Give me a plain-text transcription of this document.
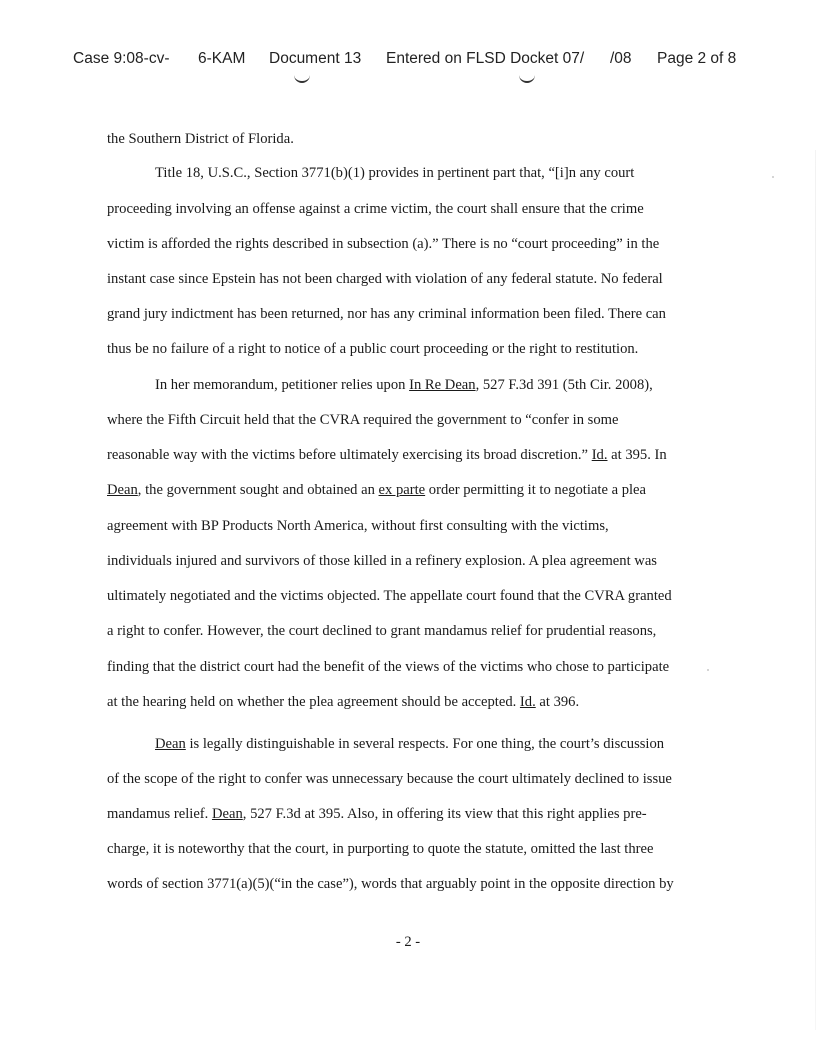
Case 9:08-cv- 6-KAM Document 13 Entered on FLSD Docket 07/ /08 Page 2 of 8
the Southern District of Florida.
Title 18, U.S.C., Section 3771(b)(1) provides in pertinent part that, “[i]n any court
proceeding involving an offense against a crime victim, the court shall ensure that the crime
victim is afforded the rights described in subsection (a).” There is no “court proceeding” in the
instant case since Epstein has not been charged with violation of any federal statute. No federal
grand jury indictment has been returned, nor has any criminal information been filed. There can
thus be no failure of a right to notice of a public court proceeding or the right to restitution.
In her memorandum, petitioner relies upon In Re Dean, 527 F.3d 391 (5th Cir. 2008),
where the Fifth Circuit held that the CVRA required the government to “confer in some
reasonable way with the victims before ultimately exercising its broad discretion.” Id. at 395. In
Dean, the government sought and obtained an ex parte order permitting it to negotiate a plea
agreement with BP Products North America, without first consulting with the victims,
individuals injured and survivors of those killed in a refinery explosion. A plea agreement was
ultimately negotiated and the victims objected. The appellate court found that the CVRA granted
a right to confer. However, the court declined to grant mandamus relief for prudential reasons,
finding that the district court had the benefit of the views of the victims who chose to participate
at the hearing held on whether the plea agreement should be accepted. Id. at 396.
Dean is legally distinguishable in several respects. For one thing, the court’s discussion
of the scope of the right to confer was unnecessary because the court ultimately declined to issue
mandamus relief. Dean, 527 F.3d at 395. Also, in offering its view that this right applies pre-
charge, it is noteworthy that the court, in purporting to quote the statute, omitted the last three
words of section 3771(a)(5)(“in the case”), words that arguably point in the opposite direction by
- 2 -
